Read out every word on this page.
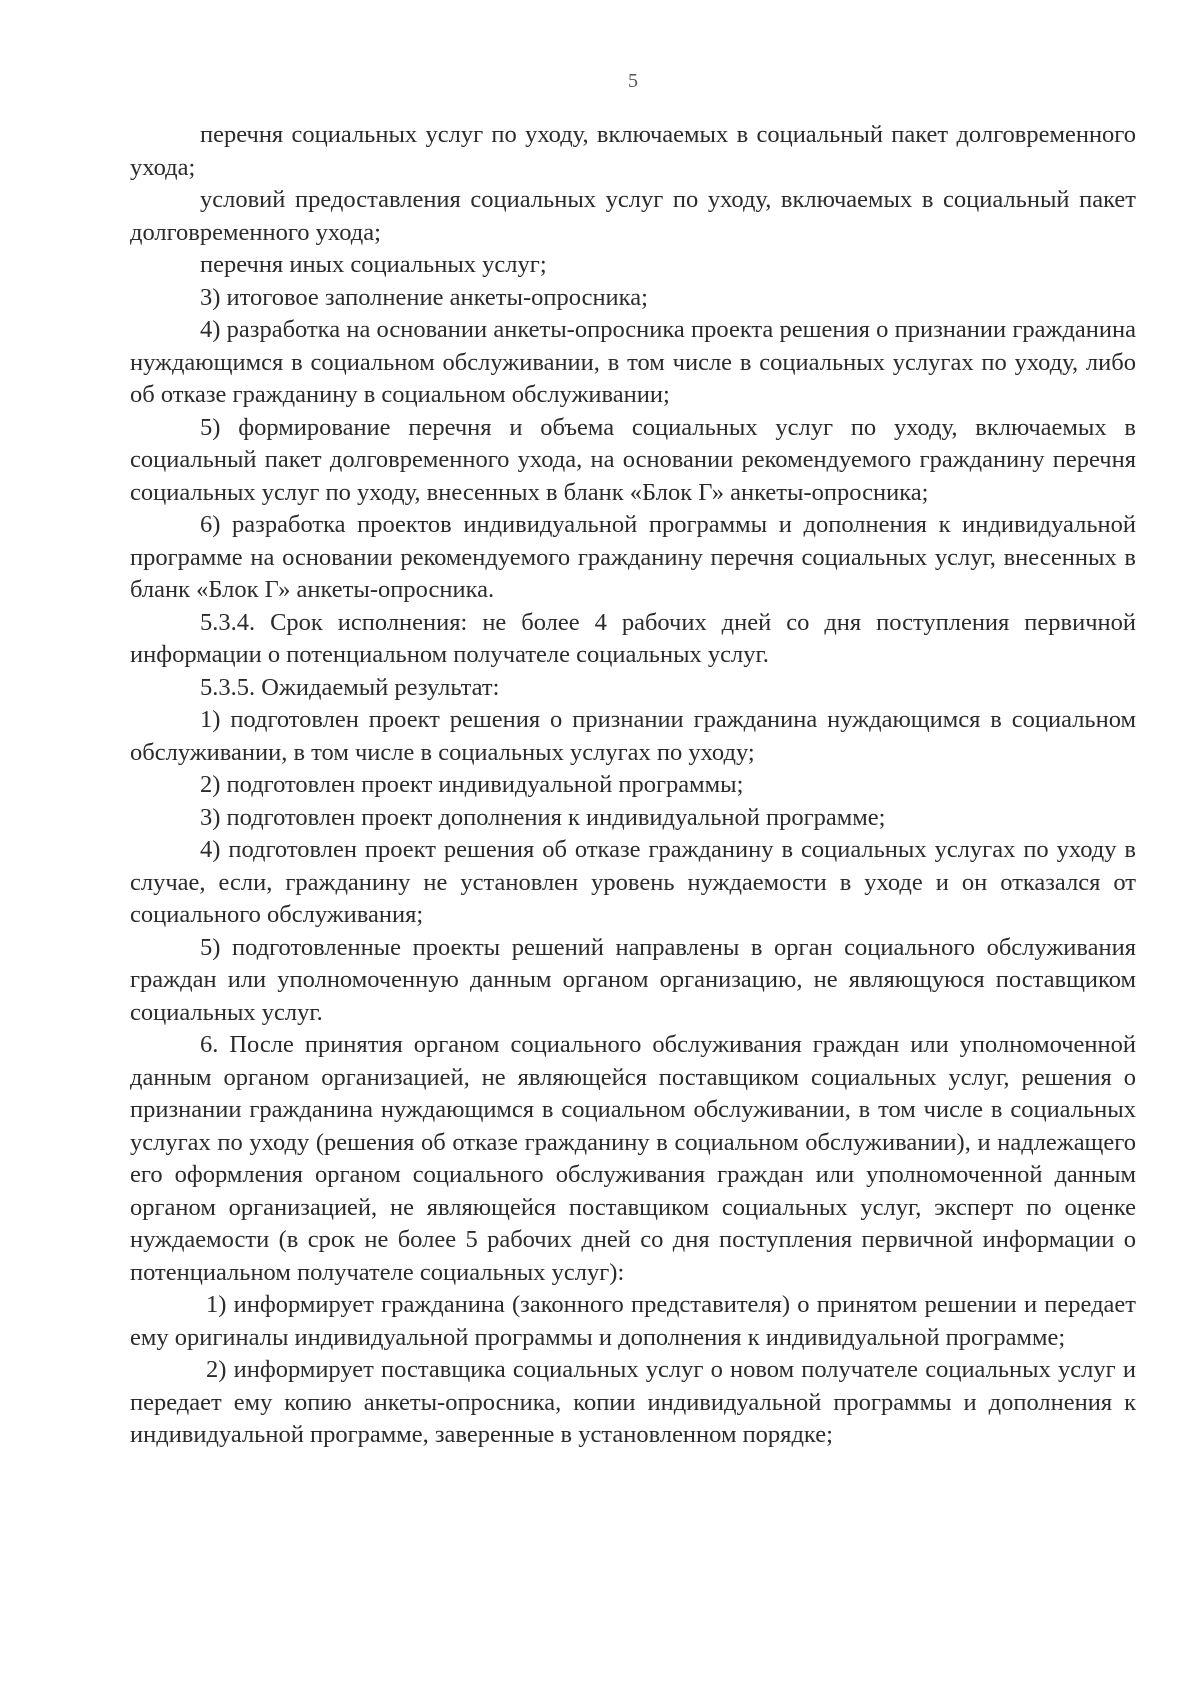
5

перечня социальных услуг по уходу, включаемых в социальный пакет долговременного ухода;

условий предоставления социальных услуг по уходу, включаемых в социальный пакет долговременного ухода;

перечня иных социальных услуг;

3) итоговое заполнение анкеты-опросника;

4) разработка на основании анкеты-опросника проекта решения о признании гражданина нуждающимся в социальном обслуживании, в том числе в социальных услугах по уходу, либо об отказе гражданину в социальном обслуживании;

5) формирование перечня и объема социальных услуг по уходу, включаемых в социальный пакет долговременного ухода, на основании рекомендуемого гражданину перечня социальных услуг по уходу, внесенных в бланк «Блок Г» анкеты-опросника;

6) разработка проектов индивидуальной программы и дополнения к индивидуальной программе на основании рекомендуемого гражданину перечня социальных услуг, внесенных в бланк «Блок Г» анкеты-опросника.

5.3.4. Срок исполнения: не более 4 рабочих дней со дня поступления первичной информации о потенциальном получателе социальных услуг.

5.3.5. Ожидаемый результат:

1) подготовлен проект решения о признании гражданина нуждающимся в социальном обслуживании, в том числе в социальных услугах по уходу;

2) подготовлен проект индивидуальной программы;

3) подготовлен проект дополнения к индивидуальной программе;

4) подготовлен проект решения об отказе гражданину в социальных услугах по уходу в случае, если, гражданину не установлен уровень нуждаемости в уходе и он отказался от социального обслуживания;

5) подготовленные проекты решений направлены в орган социального обслуживания граждан или уполномоченную данным органом организацию, не являющуюся поставщиком социальных услуг.

6. После принятия органом социального обслуживания граждан или уполномоченной данным органом организацией, не являющейся поставщиком социальных услуг, решения о признании гражданина нуждающимся в социальном обслуживании, в том числе в социальных услугах по уходу (решения об отказе гражданину в социальном обслуживании), и надлежащего его оформления органом социального обслуживания граждан или уполномоченной данным органом организацией, не являющейся поставщиком социальных услуг, эксперт по оценке нуждаемости (в срок не более 5 рабочих дней со дня поступления первичной информации о потенциальном получателе социальных услуг):

1) информирует гражданина (законного представителя) о принятом решении и передает ему оригиналы индивидуальной программы и дополнения к индивидуальной программе;

2) информирует поставщика социальных услуг о новом получателе социальных услуг и передает ему копию анкеты-опросника, копии индивидуальной программы и дополнения к индивидуальной программе, заверенные в установленном порядке;
